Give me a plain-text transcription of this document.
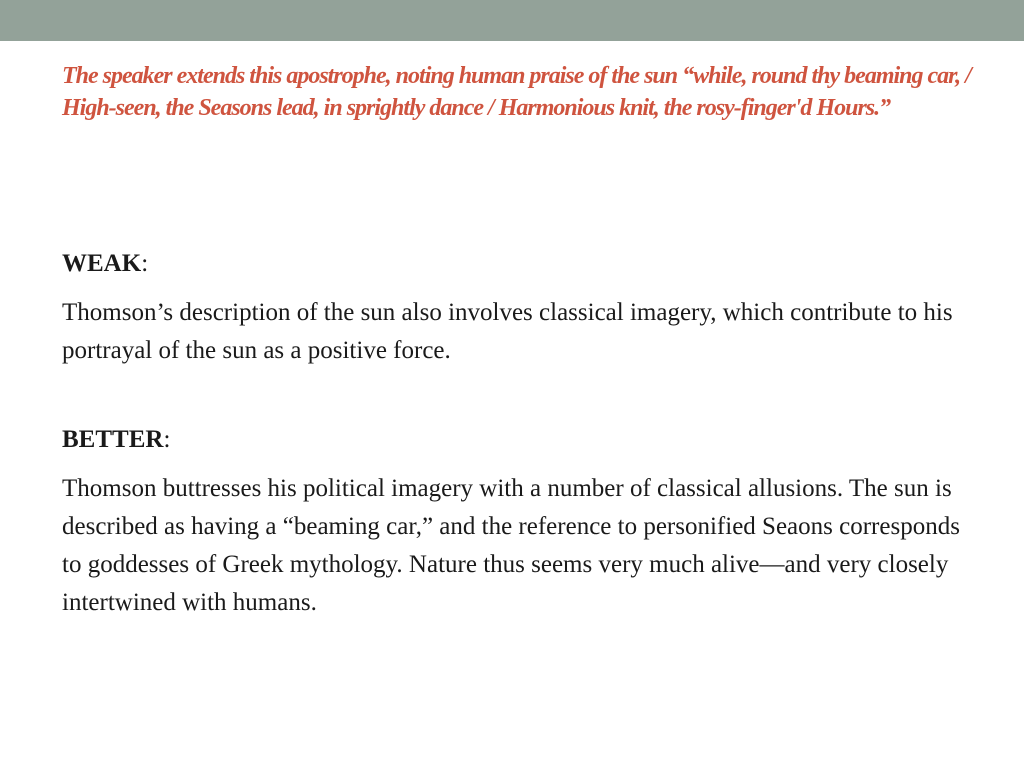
The speaker extends this apostrophe, noting human praise of the sun “while, round thy beaming car, / High-seen, the Seasons lead, in sprightly dance / Harmonious knit, the rosy-finger'd Hours.”

WEAK:

Thomson’s description of the sun also involves classical imagery, which contribute to his portrayal of the sun as a positive force.

BETTER:

Thomson buttresses his political imagery with a number of classical allusions. The sun is described as having a “beaming car,” and the reference to personified Seaons corresponds to goddesses of Greek mythology. Nature thus seems very much alive—and very closely intertwined with humans.
